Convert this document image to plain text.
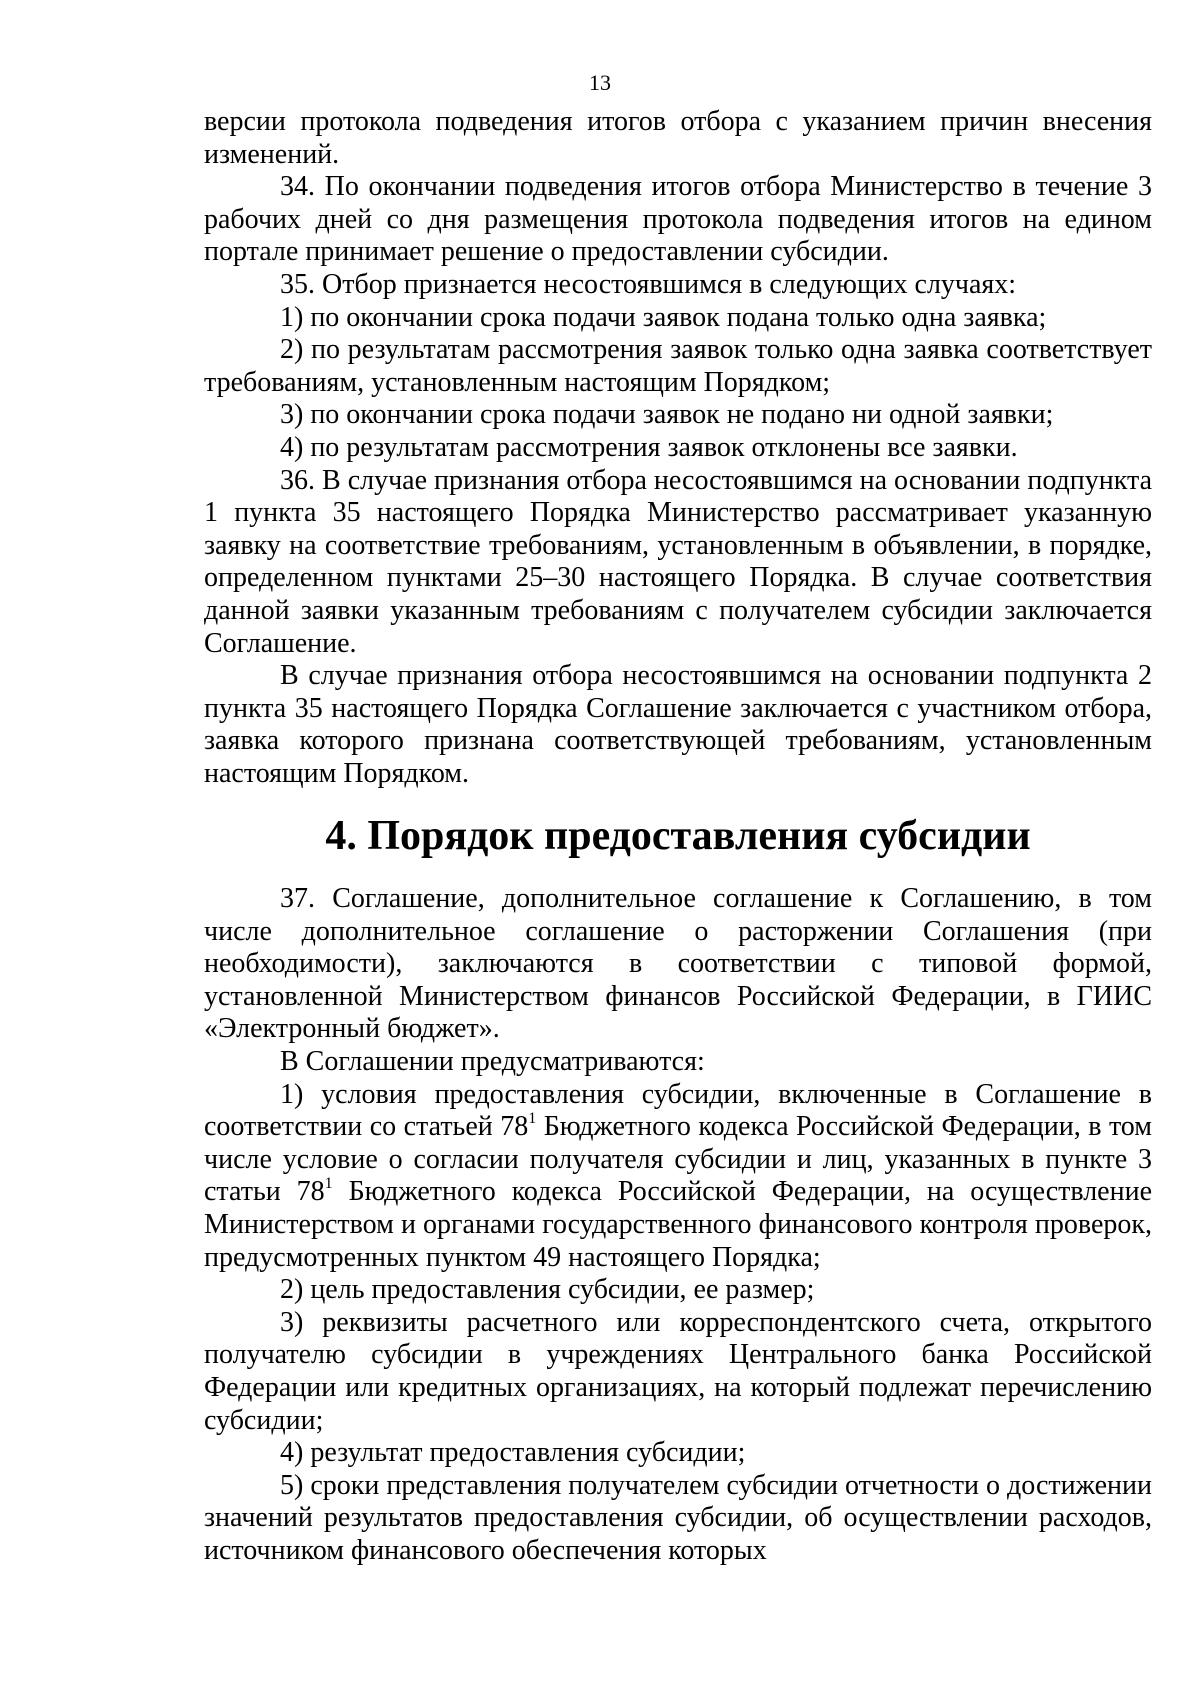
13

версии протокола подведения итогов отбора с указанием причин внесения изменений.

34. По окончании подведения итогов отбора Министерство в течение 3 рабочих дней со дня размещения протокола подведения итогов на едином портале принимает решение о предоставлении субсидии.

35. Отбор признается несостоявшимся в следующих случаях:

1) по окончании срока подачи заявок подана только одна заявка;

2) по результатам рассмотрения заявок только одна заявка соответствует требованиям, установленным настоящим Порядком;

3) по окончании срока подачи заявок не подано ни одной заявки;

4) по результатам рассмотрения заявок отклонены все заявки.

36. В случае признания отбора несостоявшимся на основании подпункта 1 пункта 35 настоящего Порядка Министерство рассматривает указанную заявку на соответствие требованиям, установленным в объявлении, в порядке, определенном пунктами 25–30 настоящего Порядка. В случае соответствия данной заявки указанным требованиям с получателем субсидии заключается Соглашение.

В случае признания отбора несостоявшимся на основании подпункта 2 пункта 35 настоящего Порядка Соглашение заключается с участником отбора, заявка которого признана соответствующей требованиям, установленным настоящим Порядком.

4. Порядок предоставления субсидии

37. Соглашение, дополнительное соглашение к Соглашению, в том числе дополнительное соглашение о расторжении Соглашения (при необходимости), заключаются в соответствии с типовой формой, установленной Министерством финансов Российской Федерации, в ГИИС «Электронный бюджет».

В Соглашении предусматриваются:

1) условия предоставления субсидии, включенные в Соглашение в соответствии со статьей $78^1$ Бюджетного кодекса Российской Федерации, в том числе условие о согласии получателя субсидии и лиц, указанных в пункте 3 статьи $78^1$ Бюджетного кодекса Российской Федерации, на осуществление Министерством и органами государственного финансового контроля проверок, предусмотренных пунктом 49 настоящего Порядка;

2) цель предоставления субсидии, ее размер;

3) реквизиты расчетного или корреспондентского счета, открытого получателю субсидии в учреждениях Центрального банка Российской Федерации или кредитных организациях, на который подлежат перечислению субсидии;

4) результат предоставления субсидии;

5) сроки представления получателем субсидии отчетности о достижении значений результатов предоставления субсидии, об осуществлении расходов, источником финансового обеспечения которых
